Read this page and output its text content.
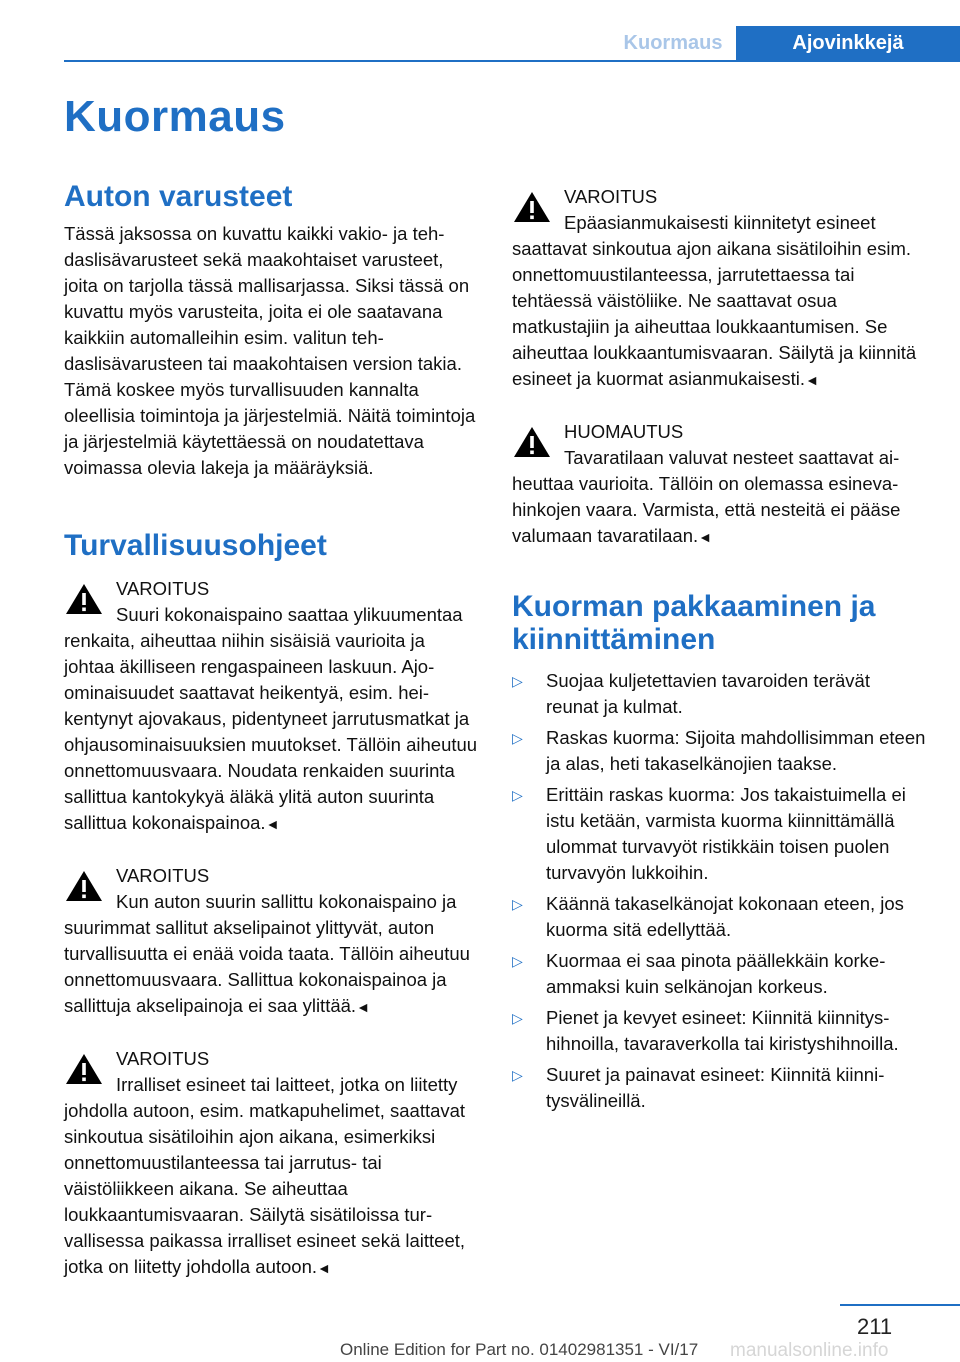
Kuormaus	Ajovinkkejä
Kuormaus
Auton varusteet

Tässä jaksossa on kuvattu kaikki vakio- ja tehdaslisävarusteet sekä maakohtaiset varusteet, joita on tarjolla tässä mallisarjassa. Siksi tässä on kuvattu myös varusteita, joita ei ole saatavana kaikkiin automalleihin esim. valitun tehdaslisävarusteen tai maakohtaisen version takia. Tämä koskee myös turvallisuuden kannalta oleellisia toimintoja ja järjestelmiä. Näitä toimintoja ja järjestelmiä käytettäessä on noudatettava voimassa olevia lakeja ja määräyksiä.

Turvallisuusohjeet
VAROITUS
Suuri kokonaispaino saattaa ylikuumentaa renkaita, aiheuttaa niihin sisäisiä vaurioita ja johtaa äkilliseen rengaspaineen laskuun. Ajoominaisuudet saattavat heikentyä, esim. heikentynyt ajovakaus, pidentyneet jarrutusmatkat ja ohjausominaisuuksien muutokset. Tällöin aiheutuu onnettomuusvaara. Noudata renkaiden suurinta sallittua kantokykyä äläkä ylitä auton suurinta sallittua kokonaispainoa.◄
VAROITUS
Kun auton suurin sallittu kokonaispaino ja suurimmat sallitut akselipainot ylittyvät, auton turvallisuutta ei enää voida taata. Tällöin aiheutuu onnettomuusvaara. Sallittua kokonaispainoa ja sallittuja akselipainoja ei saa ylittää.◄
VAROITUS
Irralliset esineet tai laitteet, jotka on liitetty johdolla autoon, esim. matkapuhelimet, saattavat sinkoutua sisätiloihin ajon aikana, esimerkiksi onnettomuustilanteessa tai jarrutus- tai väistöliikkeen aikana. Se aiheuttaa loukkaantumisvaaran. Säilytä sisätiloissa turvallisessa paikassa irralliset esineet sekä laitteet, jotka on liitetty johdolla autoon.◄
VAROITUS
Epäasianmukaisesti kiinnitetyt esineet saattavat sinkoutua ajon aikana sisätiloihin esim. onnettomuustilanteessa, jarrutettaessa tai tehtäessä väistöliike. Ne saattavat osua matkustajiin ja aiheuttaa loukkaantumisen. Se aiheuttaa loukkaantumisvaaran. Säilytä ja kiinnitä esineet ja kuormat asianmukaisesti.◄
HUOMAUTUS
Tavaratilaan valuvat nesteet saattavat aiheuttaa vaurioita. Tällöin on olemassa esinevahinkojen vaara. Varmista, että nesteitä ei pääse valumaan tavaratilaan.◄
Kuorman pakkaaminen ja kiinnittäminen
▷	Suojaa kuljetettavien tavaroiden terävät reunat ja kulmat.
▷	Raskas kuorma: Sijoita mahdollisimman eteen ja alas, heti takaselkänojien taakse.
▷	Erittäin raskas kuorma: Jos takaistuimella ei istu ketään, varmista kuorma kiinnittämällä ulommat turvavyöt ristikkäin toisen puolen turvavyön lukkoihin.
▷	Käännä takaselkänojat kokonaan eteen, jos kuorma sitä edellyttää.
▷	Kuormaa ei saa pinota päällekkäin korkeammaksi kuin selkänojan korkeus.
▷	Pienet ja kevyet esineet: Kiinnitä kiinnityshihnoilla, tavaraverkolla tai kiristyshihnoilla.
▷	Suuret ja painavat esineet: Kiinnitä kiinnitysvälineillä.
211
Online Edition for Part no. 01402981351 - VI/17 manualsonline.info
